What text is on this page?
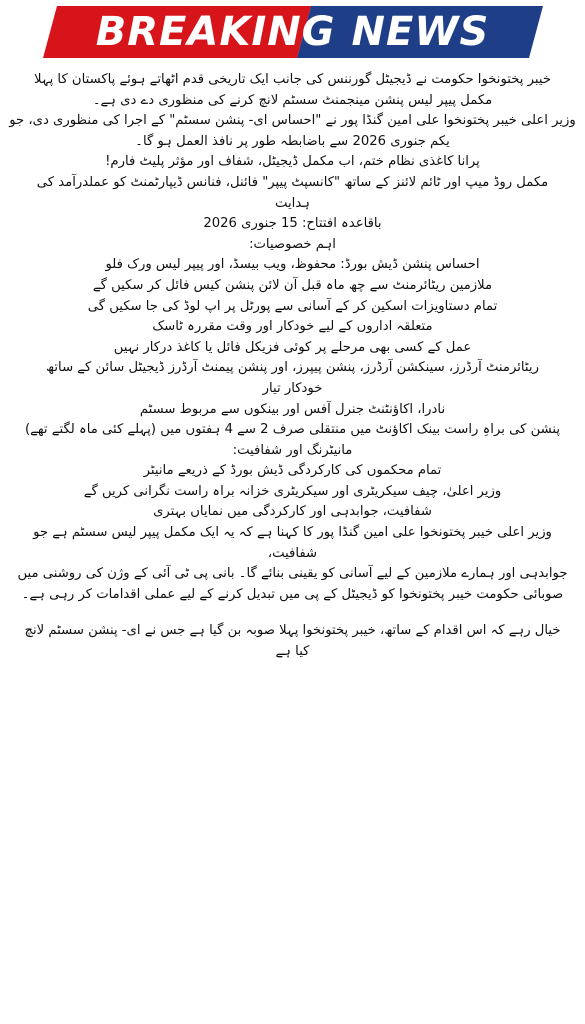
BREAKING NEWS

خیبر پختونخوا حکومت نے ڈیجیٹل گورننس کی جانب ایک تاریخی قدم اٹھاتے ہوئے پاکستان کا پہلا

مکمل پیپر لیس پنشن مینجمنٹ سسٹم لانچ کرنے کی منظوری دے دی ہے۔

وزیر اعلی خیبر پختونخوا علی امین گنڈا پور نے "احساس ای- پنشن سسٹم" کے اجرا کی منظوری دی، جو

یکم جنوری 2026 سے باضابطہ طور پر نافذ العمل ہو گا۔

پرانا کاغذی نظام ختم، اب مکمل ڈیجیٹل، شفاف اور مؤثر پلیٹ فارم!

مکمل روڈ میپ اور ٹائم لائنز کے ساتھ "کانسپٹ پیپر" فائنل، فنانس ڈیپارٹمنٹ کو عملدرآمد کی

ہدایت

باقاعدہ افتتاح: 15 جنوری 2026

اہم خصوصیات:

احساس پنشن ڈیش بورڈ: محفوظ، ویب بیسڈ، اور پیپر لیس ورک فلو

ملازمین ریٹائرمنٹ سے چھ ماہ قبل آن لائن پنشن کیس فائل کر سکیں گے

تمام دستاویزات اسکین کر کے آسانی سے پورٹل پر اپ لوڈ کی جا سکیں گی

متعلقہ اداروں کے لیے خودکار اور وقت مقررہ ٹاسک

عمل کے کسی بھی مرحلے پر کوئی فزیکل فائل یا کاغذ درکار نہیں

ریٹائرمنٹ آرڈرز، سینکشن آرڈرز، پنشن پیپرز، اور پنشن پیمنٹ آرڈرز ڈیجیٹل سائن کے ساتھ

خودکار تیار

نادرا، اکاؤنٹنٹ جنرل آفس اور بینکوں سے مربوط سسٹم

پنشن کی براہِ راست بینک اکاؤنٹ میں منتقلی صرف 2 سے 4 ہفتوں میں (پہلے کئی ماہ لگتے تھے)

مانیٹرنگ اور شفافیت:

تمام محکموں کی کارکردگی ڈیش بورڈ کے ذریعے مانیٹر

وزیر اعلیٰ، چیف سیکریٹری اور سیکریٹری خزانہ براہ راست نگرانی کریں گے

شفافیت، جوابدہی اور کارکردگی میں نمایاں بہتری

وزیر اعلی خیبر پختونخوا علی امین گنڈا پور کا کہنا ہے کہ یہ ایک مکمل پیپر لیس سسٹم ہے جو شفافیت،

جوابدہی اور ہمارے ملازمین کے لیے آسانی کو یقینی بنائے گا۔ بانی پی ٹی آئی کے وژن کی روشنی میں

صوبائی حکومت خیبر پختونخوا کو ڈیجیٹل کے پی میں تبدیل کرنے کے لیے عملی اقدامات کر رہی ہے۔

خیال رہے کہ اس اقدام کے ساتھ، خیبر پختونخوا پہلا صوبہ بن گیا ہے جس نے ای- پنشن سسٹم لانچ

کیا ہے
